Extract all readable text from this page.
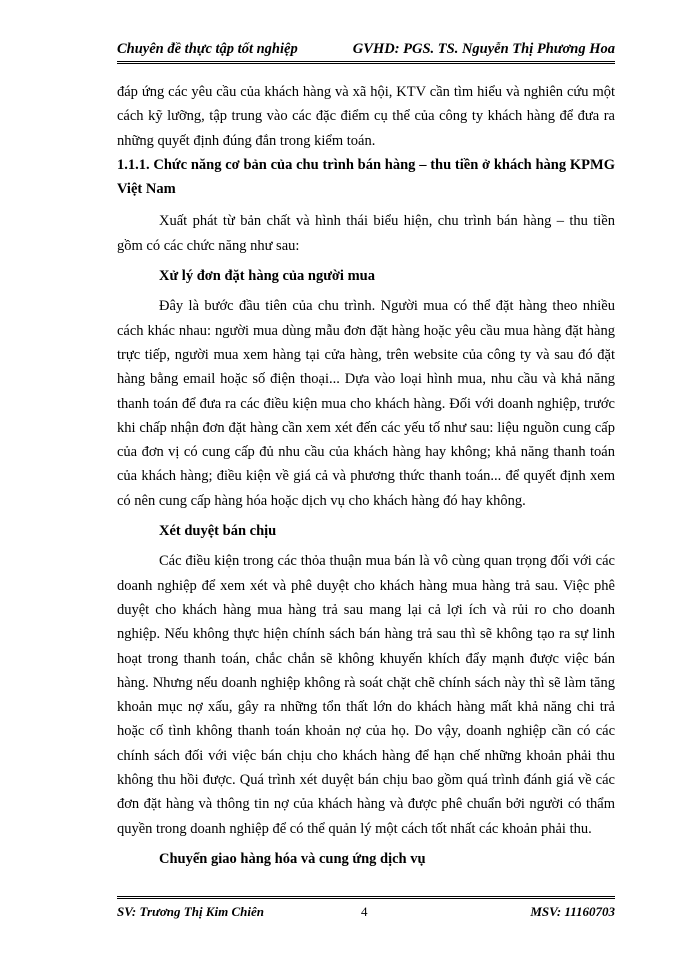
Chuyên đề thực tập tốt nghiệp	GVHD: PGS. TS. Nguyễn Thị Phương Hoa

đáp ứng các yêu cầu của khách hàng và xã hội, KTV cần tìm hiểu và nghiên cứu một cách kỹ lưỡng, tập trung vào các đặc điểm cụ thể của công ty khách hàng để đưa ra những quyết định đúng đắn trong kiểm toán.

1.1.1. Chức năng cơ bản của chu trình bán hàng – thu tiền ở khách hàng KPMG Việt Nam

Xuất phát từ bản chất và hình thái biểu hiện, chu trình bán hàng – thu tiền gồm có các chức năng như sau:

Xử lý đơn đặt hàng của người mua

Đây là bước đầu tiên của chu trình. Người mua có thể đặt hàng theo nhiều cách khác nhau: người mua dùng mẫu đơn đặt hàng hoặc yêu cầu mua hàng đặt hàng trực tiếp, người mua xem hàng tại cửa hàng, trên website của công ty và sau đó đặt hàng bằng email hoặc số điện thoại... Dựa vào loại hình mua, nhu cầu và khả năng thanh toán để đưa ra các điều kiện mua cho khách hàng. Đối với doanh nghiệp, trước khi chấp nhận đơn đặt hàng cần xem xét đến các yếu tố như sau: liệu nguồn cung cấp của đơn vị có cung cấp đủ nhu cầu của khách hàng hay không; khả năng thanh toán của khách hàng; điều kiện về giá cả và phương thức thanh toán... để quyết định xem có nên cung cấp hàng hóa hoặc dịch vụ cho khách hàng đó hay không.

Xét duyệt bán chịu

Các điều kiện trong các thỏa thuận mua bán là vô cùng quan trọng đối với các doanh nghiệp để xem xét và phê duyệt cho khách hàng mua hàng trả sau. Việc phê duyệt cho khách hàng mua hàng trả sau mang lại cả lợi ích và rủi ro cho doanh nghiệp. Nếu không thực hiện chính sách bán hàng trả sau thì sẽ không tạo ra sự linh hoạt trong thanh toán, chắc chắn sẽ không khuyến khích đẩy mạnh được việc bán hàng. Nhưng nếu doanh nghiệp không rà soát chặt chẽ chính sách này thì sẽ làm tăng khoản mục nợ xấu, gây ra những tổn thất lớn do khách hàng mất khả năng chi trả hoặc cố tình không thanh toán khoản nợ của họ. Do vậy, doanh nghiệp cần có các chính sách đối với việc bán chịu cho khách hàng để hạn chế những khoản phải thu không thu hồi được. Quá trình xét duyệt bán chịu bao gồm quá trình đánh giá về các đơn đặt hàng và thông tin nợ của khách hàng và được phê chuẩn bởi người có thẩm quyền trong doanh nghiệp để có thể quản lý một cách tốt nhất các khoản phải thu.

Chuyển giao hàng hóa và cung ứng dịch vụ

SV: Trương Thị Kim Chiên	4	MSV: 11160703
